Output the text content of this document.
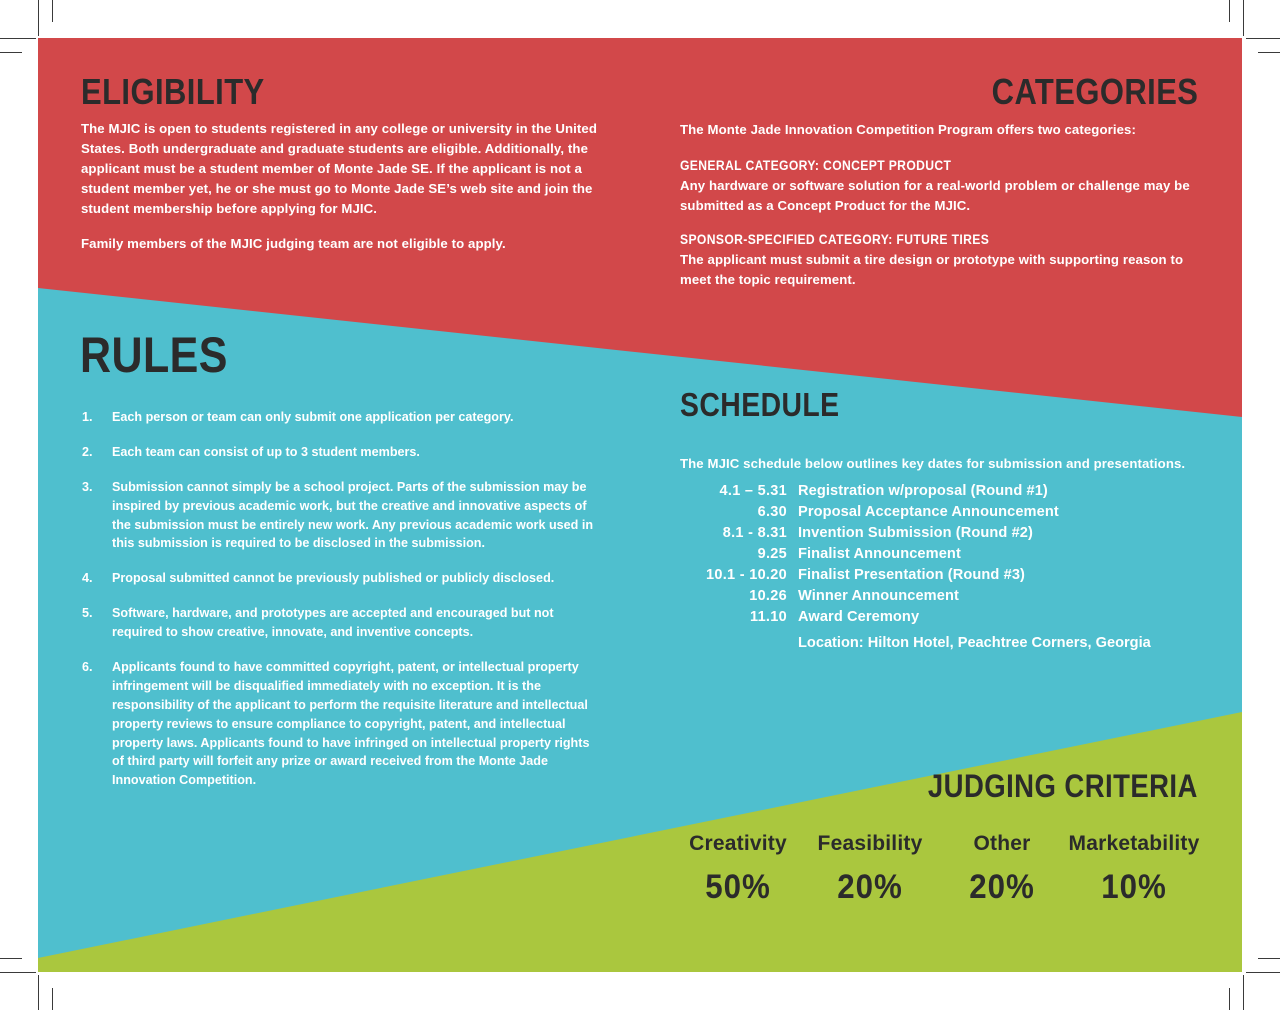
ELIGIBILITY

The MJIC is open to students registered in any college or university in the United States. Both undergraduate and graduate students are eligible. Additionally, the applicant must be a student member of Monte Jade SE. If the applicant is not a student member yet, he or she must go to Monte Jade SE’s web site and join the student membership before applying for MJIC.

Family members of the MJIC judging team are not eligible to apply.

CATEGORIES

The Monte Jade Innovation Competition Program offers two categories:

GENERAL CATEGORY: CONCEPT PRODUCT

Any hardware or software solution for a real-world problem or challenge may be submitted as a Concept Product for the MJIC.

SPONSOR-SPECIFIED CATEGORY: FUTURE TIRES

The applicant must submit a tire design or prototype with supporting reason to meet the topic requirement.

RULES
1.	Each person or team can only submit one application per category.
2.	Each team can consist of up to 3 student members.
3.	Submission cannot simply be a school project. Parts of the submission may be inspired by previous academic work, but the creative and innovative aspects of the submission must be entirely new work. Any previous academic work used in this submission is required to be disclosed in the submission.
4.	Proposal submitted cannot be previously published or publicly disclosed.
5.	Software, hardware, and prototypes are accepted and encouraged but not required to show creative, innovate, and inventive concepts.
6.	Applicants found to have committed copyright, patent, or intellectual property infringement will be disqualified immediately with no exception. It is the responsibility of the applicant to perform the requisite literature and intellectual property reviews to ensure compliance to copyright, patent, and intellectual property laws. Applicants found to have infringed on intellectual property rights of third party will forfeit any prize or award received from the Monte Jade Innovation Competition.
SCHEDULE

The MJIC schedule below outlines key dates for submission and presentations.

4.1 – 5.31 Registration w/proposal (Round #1)
6.30 Proposal Acceptance Announcement
8.1 - 8.31 Invention Submission (Round #2)
9.25 Finalist Announcement
10.1 - 10.20 Finalist Presentation (Round #3)
10.26 Winner Announcement
11.10 Award Ceremony
Location: Hilton Hotel, Peachtree Corners, Georgia
JUDGING CRITERIA
Creativity
50%
Feasibility
20%
Other
20%
Marketability
10%
